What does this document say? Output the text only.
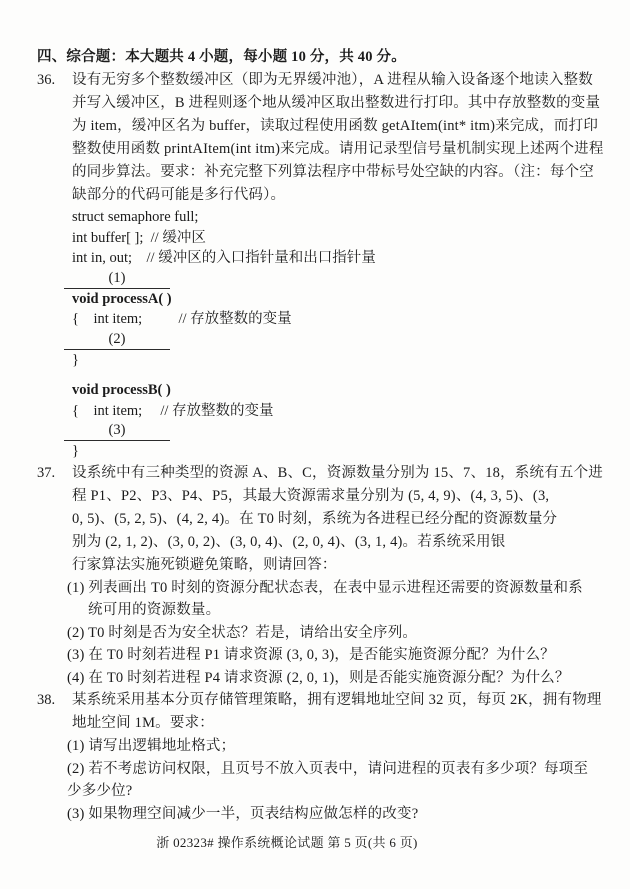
四、综合题：本大题共 4 小题，每小题 10 分，共 40 分。
36. 设有无穷多个整数缓冲区（即为无界缓冲池），A 进程从输入设备逐个地读入整数
并写入缓冲区，B 进程则逐个地从缓冲区取出整数进行打印。其中存放整数的变量
为 item，缓冲区名为 buffer，读取过程使用函数 getAItem(int* itm)来完成，而打印
整数使用函数 printAItem(int itm)来完成。请用记录型信号量机制实现上述两个进程
的同步算法。要求：补充完整下列算法程序中带标号处空缺的内容。（注：每个空
缺部分的代码可能是多行代码）。
struct semaphore full;
int buffer[ ];  // 缓冲区
int in, out;    // 缓冲区的入口指针量和出口指针量
(1)
void processA( )
{    int item;          // 存放整数的变量
(2)
}
void processB( )
{    int item;     // 存放整数的变量
(3)
}
37. 设系统中有三种类型的资源 A、B、C，资源数量分别为 15、7、18，系统有五个进
程 P1、P2、P3、P4、P5，其最大资源需求量分别为 (5, 4, 9)、(4, 3, 5)、(3,
0, 5)、(5, 2, 5)、(4, 2, 4)。在 T0 时刻，系统为各进程已经分配的资源数量分
别为 (2, 1, 2)、(3, 0, 2)、(3, 0, 4)、(2, 0, 4)、(3, 1, 4)。若系统采用银
行家算法实施死锁避免策略，则请回答：
(1) 列表画出 T0 时刻的资源分配状态表，在表中显示进程还需要的资源数量和系
统可用的资源数量。
(2) T0 时刻是否为安全状态？若是，请给出安全序列。
(3) 在 T0 时刻若进程 P1 请求资源 (3, 0, 3)，是否能实施资源分配？为什么？
(4) 在 T0 时刻若进程 P4 请求资源 (2, 0, 1)，则是否能实施资源分配？为什么？
38. 某系统采用基本分页存储管理策略，拥有逻辑地址空间 32 页，每页 2K，拥有物理
地址空间 1M。要求：
(1) 请写出逻辑地址格式；
(2) 若不考虑访问权限，且页号不放入页表中，请问进程的页表有多少项？每项至
少多少位?
(3) 如果物理空间减少一半，页表结构应做怎样的改变?
浙 02323# 操作系统概论试题 第 5 页(共 6 页)
